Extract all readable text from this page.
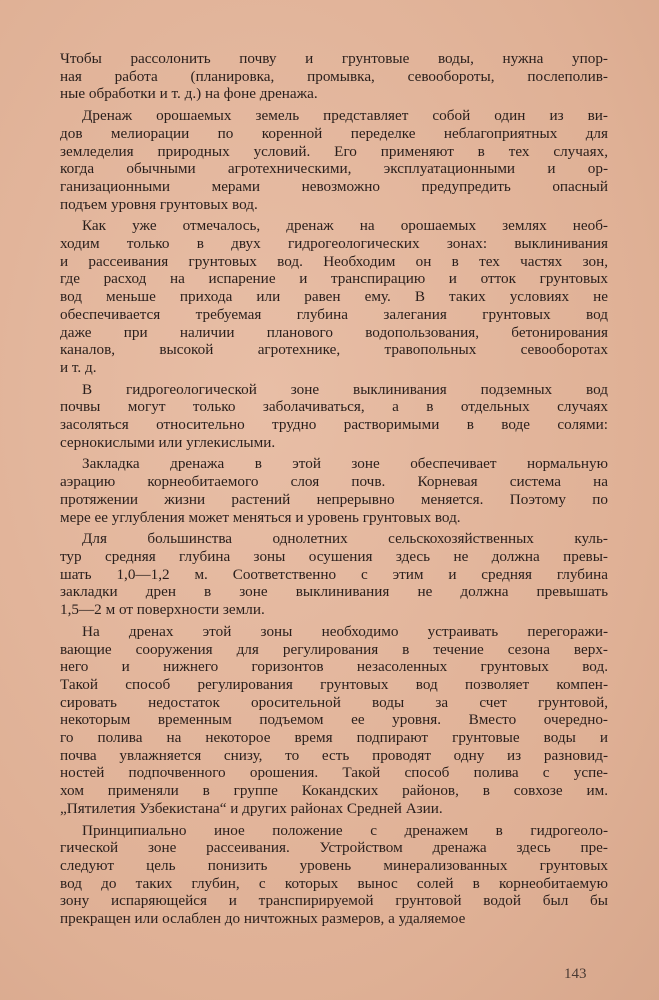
Чтобы рассолонить почву и грунтовые воды, нужна упор-
ная работа (планировка, промывка, севообороты, послеполив-
ные обработки и т. д.) на фоне дренажа.
Дренаж орошаемых земель представляет собой один из ви-
дов мелиорации по коренной переделке неблагоприятных для
земледелия природных условий. Его применяют в тех случаях,
когда обычными агротехническими, эксплуатационными и ор-
ганизационными мерами невозможно предупредить опасный
подъем уровня грунтовых вод.
Как уже отмечалось, дренаж на орошаемых землях необ-
ходим только в двух гидрогеологических зонах: выклинивания
и рассеивания грунтовых вод. Необходим он в тех частях зон,
где расход на испарение и транспирацию и отток грунтовых
вод меньше прихода или равен ему. В таких условиях не
обеспечивается требуемая глубина залегания грунтовых вод
даже при наличии планового водопользования, бетонирования
каналов, высокой агротехнике, травопольных севооборотах
и т. д.
В гидрогеологической зоне выклинивания подземных вод
почвы могут только заболачиваться, а в отдельных случаях
засоляться относительно трудно растворимыми в воде солями:
сернокислыми или углекислыми.
Закладка дренажа в этой зоне обеспечивает нормальную
аэрацию корнеобитаемого слоя почв. Корневая система на
протяжении жизни растений непрерывно меняется. Поэтому по
мере ее углубления может меняться и уровень грунтовых вод.
Для большинства однолетних сельскохозяйственных куль-
тур средняя глубина зоны осушения здесь не должна превы-
шать 1,0—1,2 м. Соответственно с этим и средняя глубина
закладки дрен в зоне выклинивания не должна превышать
1,5—2 м от поверхности земли.
На дренах этой зоны необходимо устраивать перегоражи-
вающие сооружения для регулирования в течение сезона верх-
него и нижнего горизонтов незасоленных грунтовых вод.
Такой способ регулирования грунтовых вод позволяет компен-
сировать недостаток оросительной воды за счет грунтовой,
некоторым временным подъемом ее уровня. Вместо очередно-
го полива на некоторое время подпирают грунтовые воды и
почва увлажняется снизу, то есть проводят одну из разновид-
ностей подпочвенного орошения. Такой способ полива с успе-
хом применяли в группе Кокандских районов, в совхозе им.
„Пятилетия Узбекистана“ и других районах Средней Азии.
Принципиально иное положение с дренажем в гидрогеоло-
гической зоне рассеивания. Устройством дренажа здесь пре-
следуют цель понизить уровень минерализованных грунтовых
вод до таких глубин, с которых вынос солей в корнеобитаемую
зону испаряющейся и транспирируемой грунтовой водой был бы
прекращен или ослаблен до ничтожных размеров, а удаляемое
143
